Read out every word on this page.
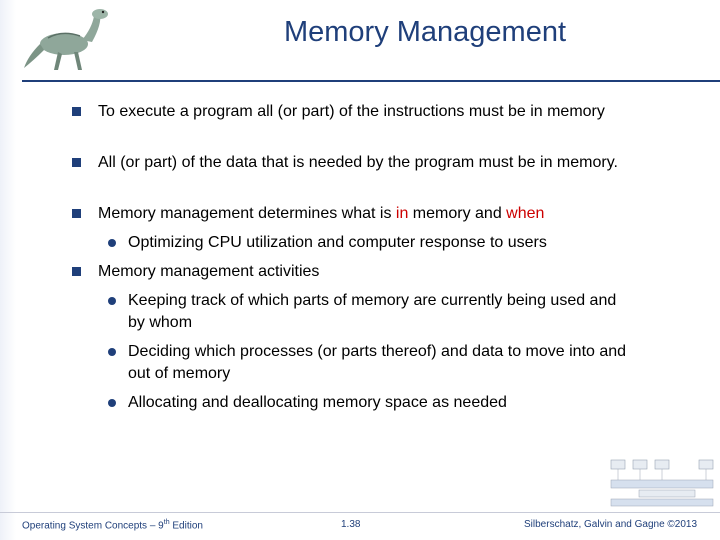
Memory Management
To execute a program all (or part) of the instructions must be in memory
All (or part) of the data that is needed by the program must be in memory.
Memory management determines what is in memory and when
Optimizing CPU utilization and computer response to users
Memory management activities
Keeping track of which parts of memory are currently being used and by whom
Deciding which processes (or parts thereof) and data to move into and out of memory
Allocating and deallocating memory space as needed
Operating System Concepts – 9th Edition	1.38	Silberschatz, Galvin and Gagne ©2013
